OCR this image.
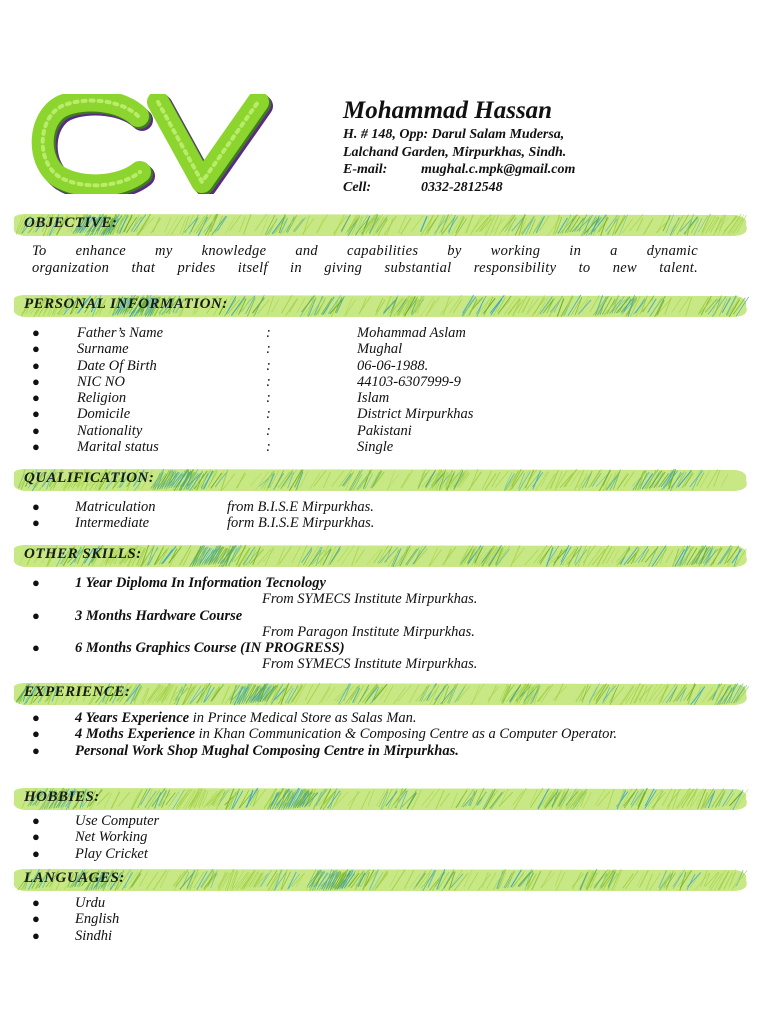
Mohammad Hassan
H. # 148, Opp: Darul Salam Mudersa,
Lalchand Garden, Mirpurkhas, Sindh.
E-mail: mughal.c.mpk@gmail.com
Cell:	0332-2812548
OBJECTIVE:
PERSONAL INFORMATION:
QUALIFICATION:
OTHER SKILLS:
EXPERIENCE:
HOBBIES:
LANGUAGES:
To enhance my knowledge and capabilities by working in a dynamic
organization that prides itself in giving substantial responsibility to new talent.
●	Father’s Name	:	Mohammad Aslam
●	Surname	:	Mughal
●	Date Of Birth	:	06-06-1988.
●	NIC NO	:	44103-6307999-9
●	Religion	:	Islam
●	Domicile	:	District Mirpurkhas
●	Nationality	:	Pakistani
●	Marital status	:	Single
● Matriculation	from B.I.S.E Mirpurkhas.
● Intermediate	form B.I.S.E Mirpurkhas.
● 1 Year Diploma In Information Tecnology
From SYMECS Institute Mirpurkhas.
● 3 Months Hardware Course
From Paragon Institute Mirpurkhas.
● 6 Months Graphics Course (IN PROGRESS)
From SYMECS Institute Mirpurkhas.
● 4 Years Experience in Prince Medical Store as Salas Man.
● 4 Moths Experience in Khan Communication & Composing Centre as a Computer Operator.
● Personal Work Shop Mughal Composing Centre in Mirpurkhas.
● Use Computer
● Net Working
● Play Cricket
● Urdu
● English
● Sindhi
